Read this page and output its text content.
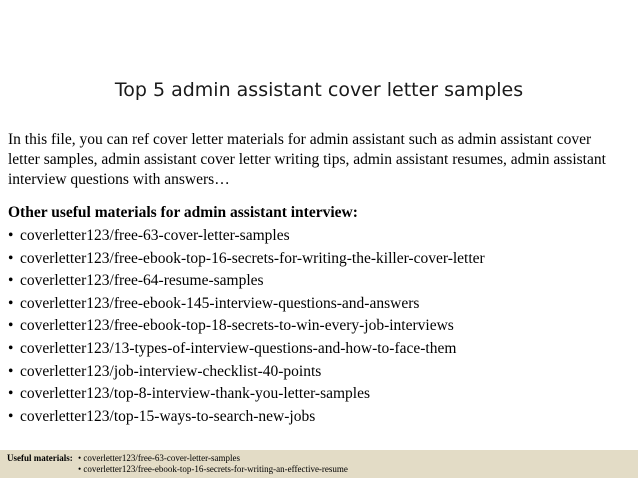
Top 5 admin assistant cover letter samples
In this file, you can ref cover letter materials for admin assistant such as admin assistant cover
letter samples, admin assistant cover letter writing tips, admin assistant resumes, admin assistant
interview questions with answers…
Other useful materials for admin assistant interview:
• coverletter123/free-63-cover-letter-samples
• coverletter123/free-ebook-top-16-secrets-for-writing-the-killer-cover-letter
• coverletter123/free-64-resume-samples
• coverletter123/free-ebook-145-interview-questions-and-answers
• coverletter123/free-ebook-top-18-secrets-to-win-every-job-interviews
• coverletter123/13-types-of-interview-questions-and-how-to-face-them
• coverletter123/job-interview-checklist-40-points
• coverletter123/top-8-interview-thank-you-letter-samples
• coverletter123/top-15-ways-to-search-new-jobs
Useful materials: • coverletter123/free-63-cover-letter-samples
• coverletter123/free-ebook-top-16-secrets-for-writing-an-effective-resume
